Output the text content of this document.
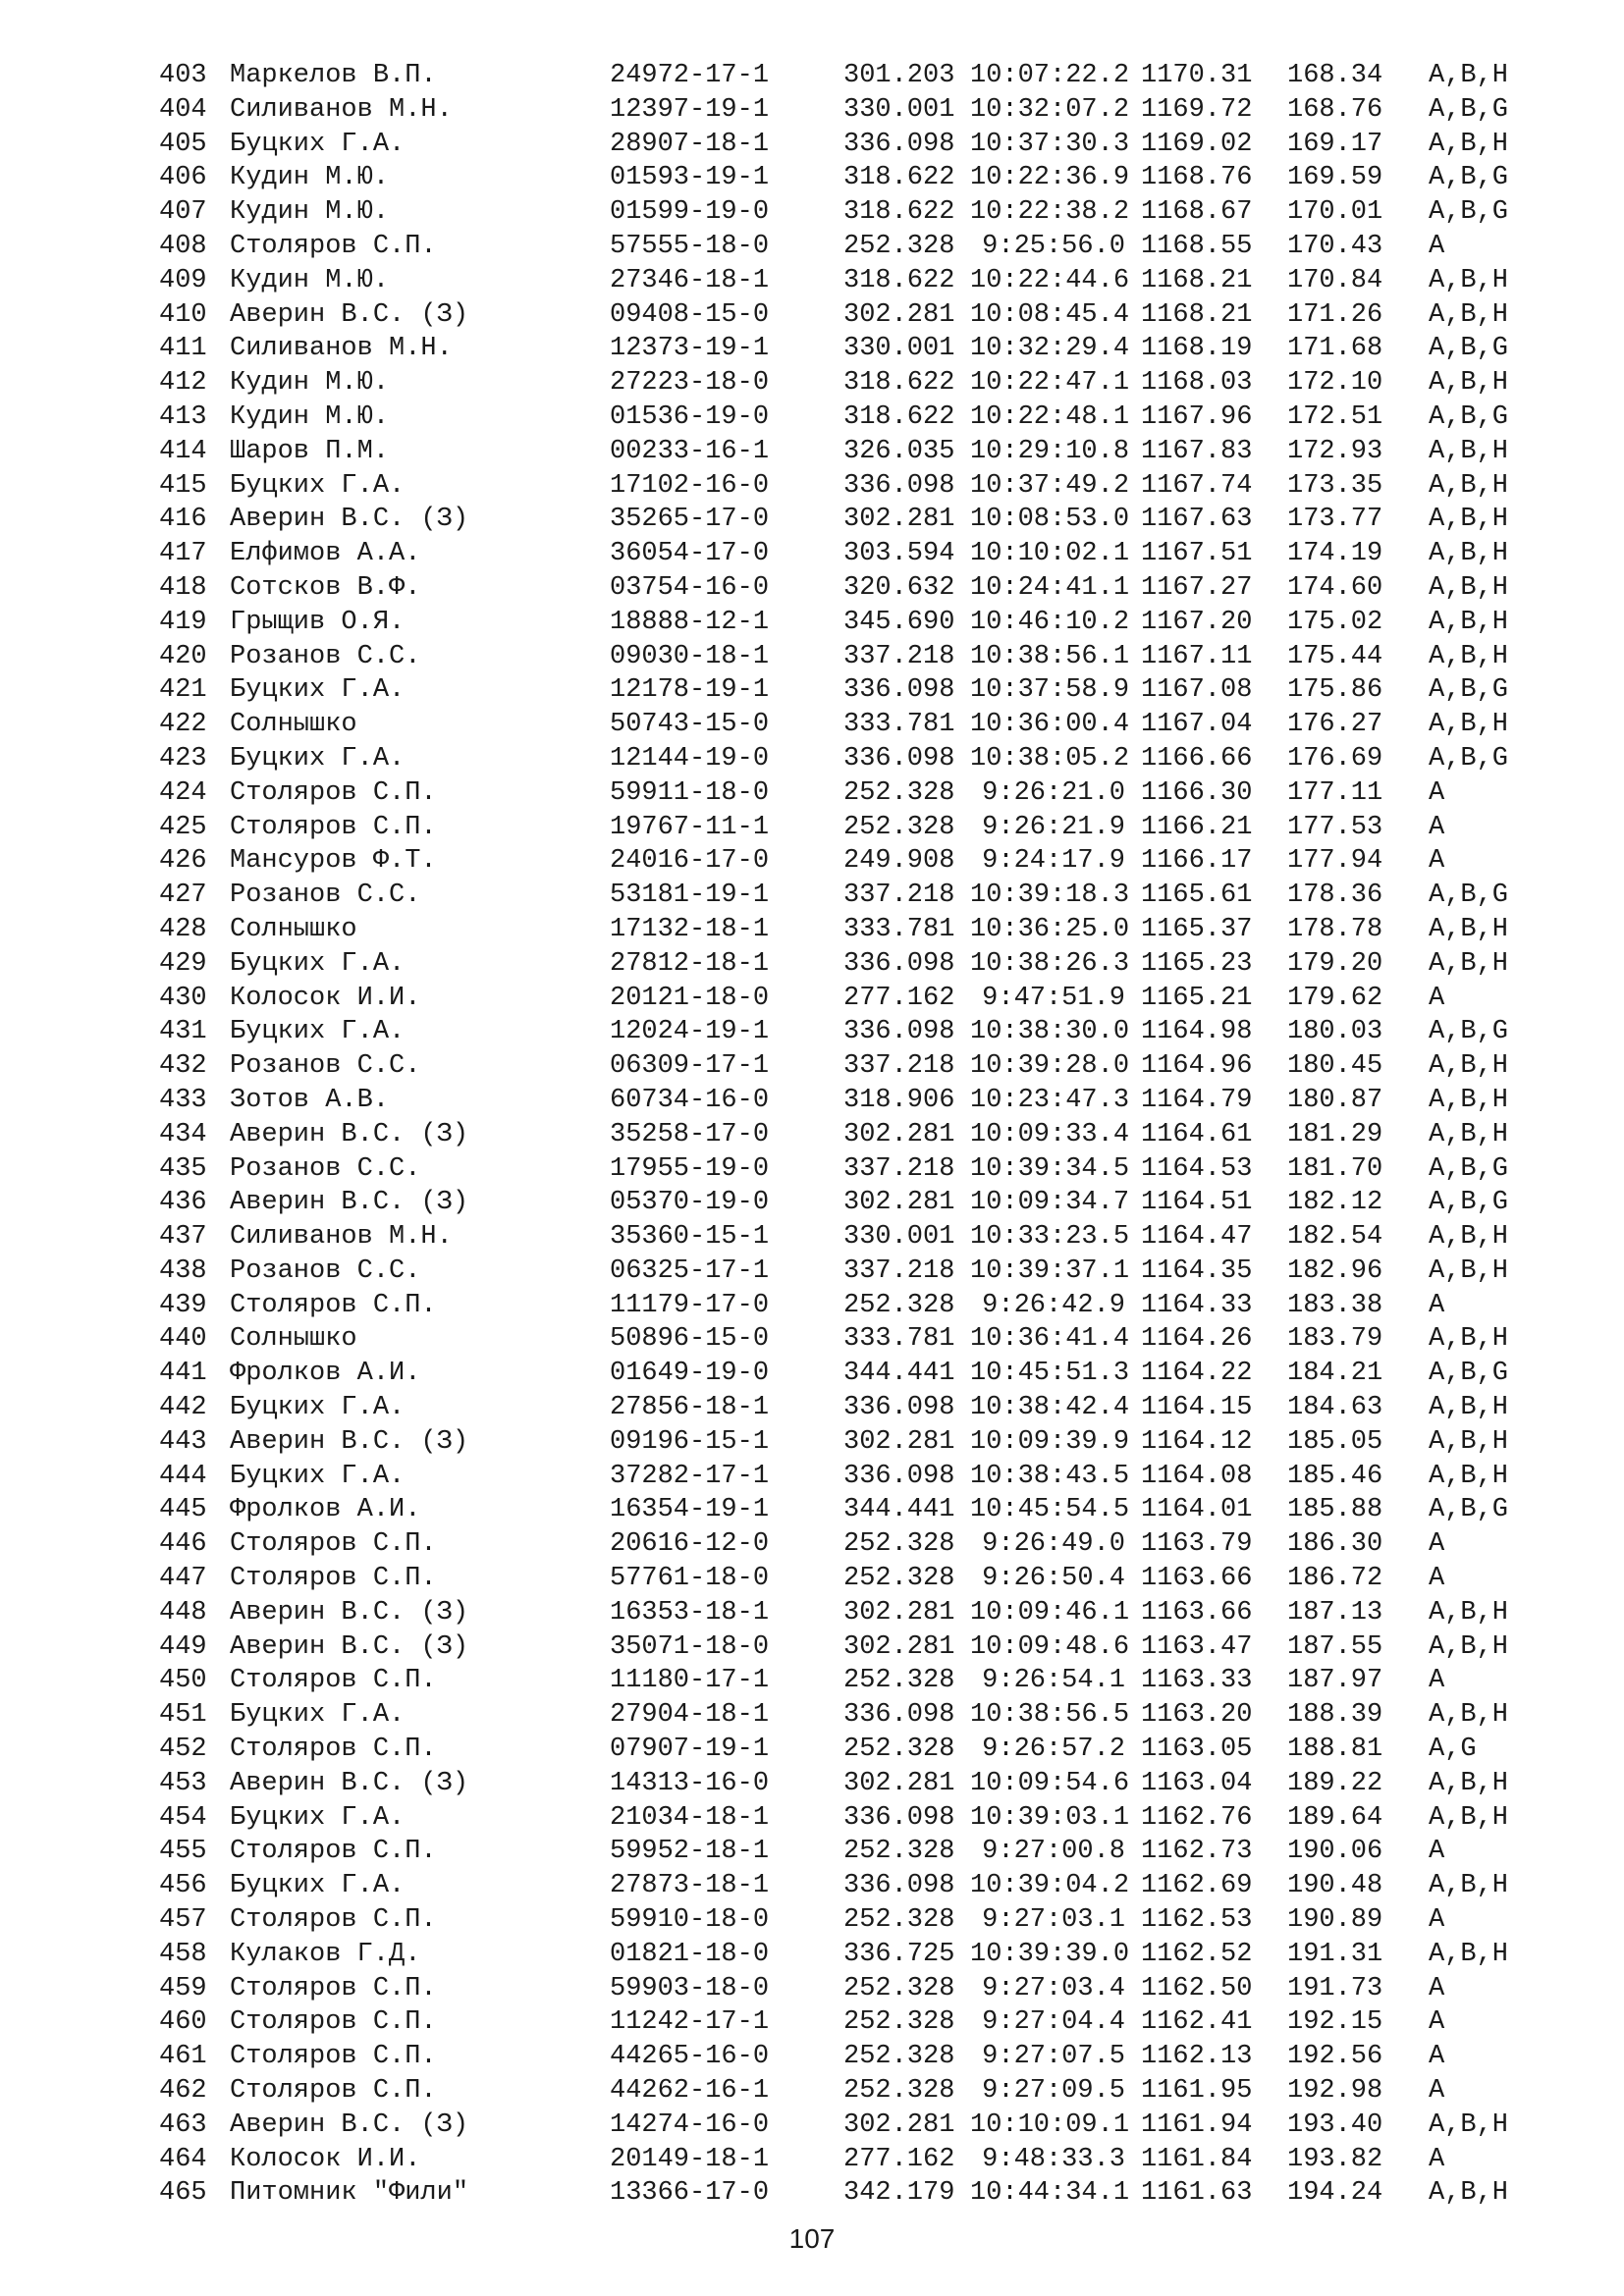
403 Маркелов В.П.	24972-17-1	301.203 10:07:22.2 1170.31 168.34 A,B,H
404 Силиванов М.Н.	12397-19-1	330.001 10:32:07.2 1169.72 168.76 A,B,G
405 Буцких Г.А.	28907-18-1	336.098 10:37:30.3 1169.02 169.17 A,B,H
406 Кудин М.Ю.	01593-19-1	318.622 10:22:36.9 1168.76 169.59 A,B,G
407 Кудин М.Ю.	01599-19-0	318.622 10:22:38.2 1168.67 170.01 A,B,G
408 Столяров С.П.	57555-18-0	252.328	9:25:56.0 1168.55 170.43 A
409 Кудин М.Ю.	27346-18-1	318.622 10:22:44.6 1168.21 170.84 A,B,H
410 Аверин В.С. (З)	09408-15-0	302.281 10:08:45.4 1168.21 171.26 A,B,H
411 Силиванов М.Н.	12373-19-1	330.001 10:32:29.4 1168.19 171.68 A,B,G
412 Кудин М.Ю.	27223-18-0	318.622 10:22:47.1 1168.03 172.10 A,B,H
413 Кудин М.Ю.	01536-19-0	318.622 10:22:48.1 1167.96 172.51 A,B,G
414 Шаров П.М.	00233-16-1	326.035 10:29:10.8 1167.83 172.93 A,B,H
415 Буцких Г.А.	17102-16-0	336.098 10:37:49.2 1167.74 173.35 A,B,H
416 Аверин В.С. (З)	35265-17-0	302.281 10:08:53.0 1167.63 173.77 A,B,H
417 Елфимов А.А.	36054-17-0	303.594 10:10:02.1 1167.51 174.19 A,B,H
418 Сотсков В.Ф.	03754-16-0	320.632 10:24:41.1 1167.27 174.60 A,B,H
419 Грыщив О.Я.	18888-12-1	345.690 10:46:10.2 1167.20 175.02 A,B,H
420 Розанов С.С.	09030-18-1	337.218 10:38:56.1 1167.11 175.44 A,B,H
421 Буцких Г.А.	12178-19-1	336.098 10:37:58.9 1167.08 175.86 A,B,G
422 Солнышко	50743-15-0	333.781 10:36:00.4 1167.04 176.27 A,B,H
423 Буцких Г.А.	12144-19-0	336.098 10:38:05.2 1166.66 176.69 A,B,G
424 Столяров С.П.	59911-18-0	252.328	9:26:21.0 1166.30 177.11 A
425 Столяров С.П.	19767-11-1	252.328	9:26:21.9 1166.21 177.53 A
426 Мансуров Ф.Т.	24016-17-0	249.908	9:24:17.9 1166.17 177.94 A
427 Розанов С.С.	53181-19-1	337.218 10:39:18.3 1165.61 178.36 A,B,G
428 Солнышко	17132-18-1	333.781 10:36:25.0 1165.37 178.78 A,B,H
429 Буцких Г.А.	27812-18-1	336.098 10:38:26.3 1165.23 179.20 A,B,H
430 Колосок И.И.	20121-18-0	277.162	9:47:51.9 1165.21 179.62 A
431 Буцких Г.А.	12024-19-1	336.098 10:38:30.0 1164.98 180.03 A,B,G
432 Розанов С.С.	06309-17-1	337.218 10:39:28.0 1164.96 180.45 A,B,H
433 Зотов А.В.	60734-16-0	318.906 10:23:47.3 1164.79 180.87 A,B,H
434 Аверин В.С. (З)	35258-17-0	302.281 10:09:33.4 1164.61 181.29 A,B,H
435 Розанов С.С.	17955-19-0	337.218 10:39:34.5 1164.53 181.70 A,B,G
436 Аверин В.С. (З)	05370-19-0	302.281 10:09:34.7 1164.51 182.12 A,B,G
437 Силиванов М.Н.	35360-15-1	330.001 10:33:23.5 1164.47 182.54 A,B,H
438 Розанов С.С.	06325-17-1	337.218 10:39:37.1 1164.35 182.96 A,B,H
439 Столяров С.П.	11179-17-0	252.328	9:26:42.9 1164.33 183.38 A
440 Солнышко	50896-15-0	333.781 10:36:41.4 1164.26 183.79 A,B,H
441 Фролков А.И.	01649-19-0	344.441 10:45:51.3 1164.22 184.21 A,B,G
442 Буцких Г.А.	27856-18-1	336.098 10:38:42.4 1164.15 184.63 A,B,H
443 Аверин В.С. (З)	09196-15-1	302.281 10:09:39.9 1164.12 185.05 A,B,H
444 Буцких Г.А.	37282-17-1	336.098 10:38:43.5 1164.08 185.46 A,B,H
445 Фролков А.И.	16354-19-1	344.441 10:45:54.5 1164.01 185.88 A,B,G
446 Столяров С.П.	20616-12-0	252.328	9:26:49.0 1163.79 186.30 A
447 Столяров С.П.	57761-18-0	252.328	9:26:50.4 1163.66 186.72 A
448 Аверин В.С. (З)	16353-18-1	302.281 10:09:46.1 1163.66 187.13 A,B,H
449 Аверин В.С. (З)	35071-18-0	302.281 10:09:48.6 1163.47 187.55 A,B,H
450 Столяров С.П.	11180-17-1	252.328	9:26:54.1 1163.33 187.97 A
451 Буцких Г.А.	27904-18-1	336.098 10:38:56.5 1163.20 188.39 A,B,H
452 Столяров С.П.	07907-19-1	252.328	9:26:57.2 1163.05 188.81 A,G
453 Аверин В.С. (З)	14313-16-0	302.281 10:09:54.6 1163.04 189.22 A,B,H
454 Буцких Г.А.	21034-18-1	336.098 10:39:03.1 1162.76 189.64 A,B,H
455 Столяров С.П.	59952-18-1	252.328	9:27:00.8 1162.73 190.06 A
456 Буцких Г.А.	27873-18-1	336.098 10:39:04.2 1162.69 190.48 A,B,H
457 Столяров С.П.	59910-18-0	252.328	9:27:03.1 1162.53 190.89 A
458 Кулаков Г.Д.	01821-18-0	336.725 10:39:39.0 1162.52 191.31 A,B,H
459 Столяров С.П.	59903-18-0	252.328	9:27:03.4 1162.50 191.73 A
460 Столяров С.П.	11242-17-1	252.328	9:27:04.4 1162.41 192.15 A
461 Столяров С.П.	44265-16-0	252.328	9:27:07.5 1162.13 192.56 A
462 Столяров С.П.	44262-16-1	252.328	9:27:09.5 1161.95 192.98 A
463 Аверин В.С. (З)	14274-16-0	302.281 10:10:09.1 1161.94 193.40 A,B,H
464 Колосок И.И.	20149-18-1	277.162	9:48:33.3 1161.84 193.82 A
465 Питомник "Фили"	13366-17-0	342.179 10:44:34.1 1161.63 194.24 A,B,H
107
